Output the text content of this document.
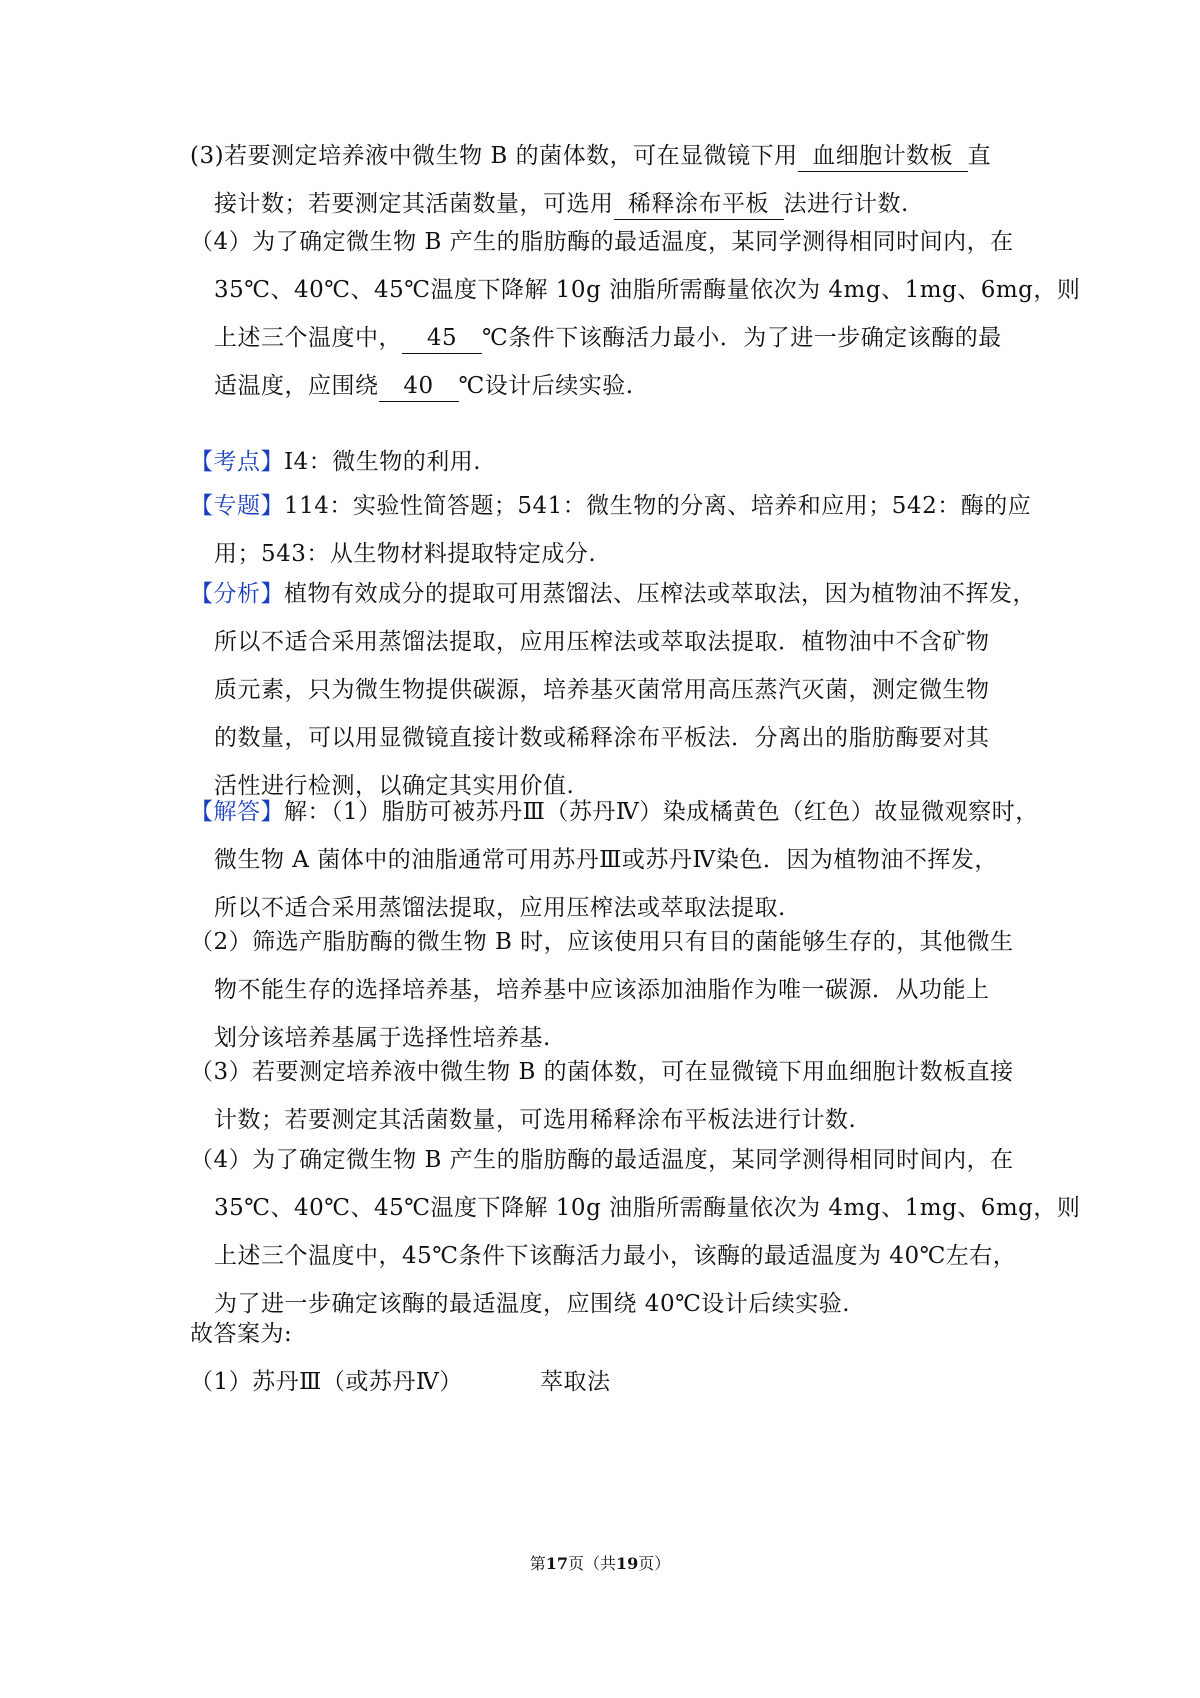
(3)若要测定培养液中微生物 B 的菌体数，可在显微镜下用 血细胞计数板 直
接计数；若要测定其活菌数量，可选用 稀释涂布平板 法进行计数.
（4）为了确定微生物 B 产生的脂肪酶的最适温度，某同学测得相同时间内，在
35℃、40℃、45℃温度下降解 10g 油脂所需酶量依次为 4mg、1mg、6mg，则
上述三个温度中， 45 ℃条件下该酶活力最小．为了进一步确定该酶的最
适温度，应围绕 40 ℃设计后续实验.
【考点】I4：微生物的利用.
【专题】114：实验性简答题；541：微生物的分离、培养和应用；542：酶的应
用；543：从生物材料提取特定成分.
【分析】植物有效成分的提取可用蒸馏法、压榨法或萃取法，因为植物油不挥发，
所以不适合采用蒸馏法提取，应用压榨法或萃取法提取．植物油中不含矿物
质元素，只为微生物提供碳源，培养基灭菌常用高压蒸汽灭菌，测定微生物
的数量，可以用显微镜直接计数或稀释涂布平板法．分离出的脂肪酶要对其
活性进行检测，以确定其实用价值.
【解答】解：（1）脂肪可被苏丹Ⅲ（苏丹Ⅳ）染成橘黄色（红色）故显微观察时，
微生物 A 菌体中的油脂通常可用苏丹Ⅲ或苏丹Ⅳ染色．因为植物油不挥发，
所以不适合采用蒸馏法提取，应用压榨法或萃取法提取.
（2）筛选产脂肪酶的微生物 B 时，应该使用只有目的菌能够生存的，其他微生
物不能生存的选择培养基，培养基中应该添加油脂作为唯一碳源．从功能上
划分该培养基属于选择性培养基.
（3）若要测定培养液中微生物 B 的菌体数，可在显微镜下用血细胞计数板直接
计数；若要测定其活菌数量，可选用稀释涂布平板法进行计数.
（4）为了确定微生物 B 产生的脂肪酶的最适温度，某同学测得相同时间内，在
35℃、40℃、45℃温度下降解 10g 油脂所需酶量依次为 4mg、1mg、6mg，则
上述三个温度中，45℃条件下该酶活力最小，该酶的最适温度为 40℃左右，
为了进一步确定该酶的最适温度，应围绕 40℃设计后续实验.
故答案为:
（1）苏丹Ⅲ（或苏丹Ⅳ）	萃取法
第17页（共19页）
